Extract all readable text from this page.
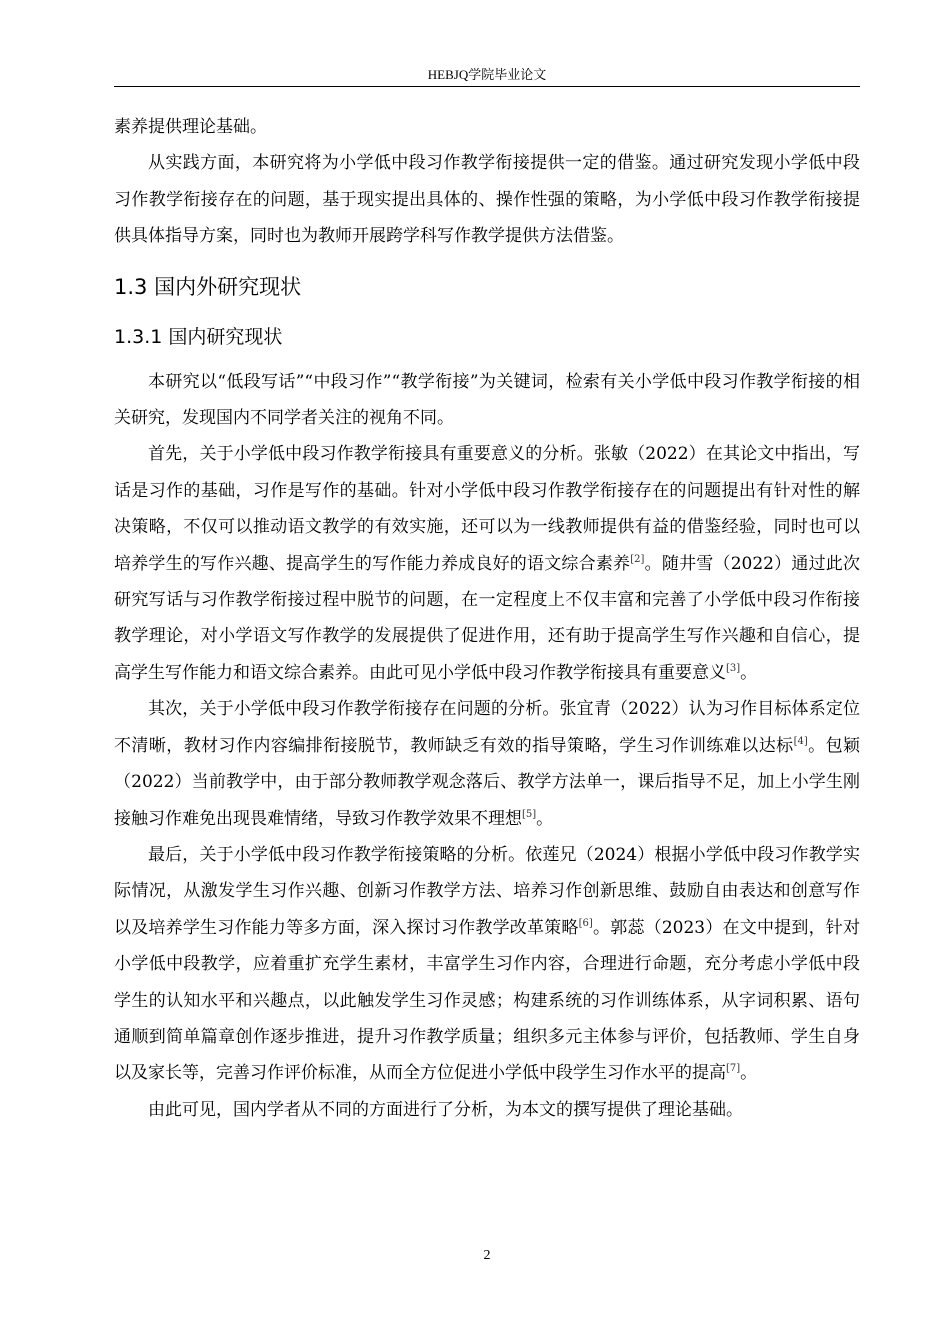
HEBJQ学院毕业论文

素养提供理论基础。

从实践方面，本研究将为小学低中段习作教学衔接提供一定的借鉴。通过研究发现小学低中段习作教学衔接存在的问题，基于现实提出具体的、操作性强的策略，为小学低中段习作教学衔接提供具体指导方案，同时也为教师开展跨学科写作教学提供方法借鉴。

1.3 国内外研究现状
1.3.1 国内研究现状

本研究以“低段写话”“中段习作”“教学衔接”为关键词，检索有关小学低中段习作教学衔接的相关研究，发现国内不同学者关注的视角不同。

首先，关于小学低中段习作教学衔接具有重要意义的分析。张敏（2022）在其论文中指出，写话是习作的基础，习作是写作的基础。针对小学低中段习作教学衔接存在的问题提出有针对性的解决策略，不仅可以推动语文教学的有效实施，还可以为一线教师提供有益的借鉴经验，同时也可以培养学生的写作兴趣、提高学生的写作能力养成良好的语文综合素养[2]。随井雪（2022）通过此次研究写话与习作教学衔接过程中脱节的问题，在一定程度上不仅丰富和完善了小学低中段习作衔接教学理论，对小学语文写作教学的发展提供了促进作用，还有助于提高学生写作兴趣和自信心，提高学生写作能力和语文综合素养。由此可见小学低中段习作教学衔接具有重要意义[3]。

其次，关于小学低中段习作教学衔接存在问题的分析。张宜青（2022）认为习作目标体系定位不清晰，教材习作内容编排衔接脱节，教师缺乏有效的指导策略，学生习作训练难以达标[4]。包颖（2022）当前教学中，由于部分教师教学观念落后、教学方法单一，课后指导不足，加上小学生刚接触习作难免出现畏难情绪，导致习作教学效果不理想[5]。

最后，关于小学低中段习作教学衔接策略的分析。依莲兄（2024）根据小学低中段习作教学实际情况，从激发学生习作兴趣、创新习作教学方法、培养习作创新思维、鼓励自由表达和创意写作以及培养学生习作能力等多方面，深入探讨习作教学改革策略[6]。郭蕊（2023）在文中提到，针对小学低中段教学，应着重扩充学生素材，丰富学生习作内容，合理进行命题，充分考虑小学低中段学生的认知水平和兴趣点，以此触发学生习作灵感；构建系统的习作训练体系，从字词积累、语句通顺到简单篇章创作逐步推进，提升习作教学质量；组织多元主体参与评价，包括教师、学生自身以及家长等，完善习作评价标准，从而全方位促进小学低中段学生习作水平的提高[7]。

由此可见，国内学者从不同的方面进行了分析，为本文的撰写提供了理论基础。

2
